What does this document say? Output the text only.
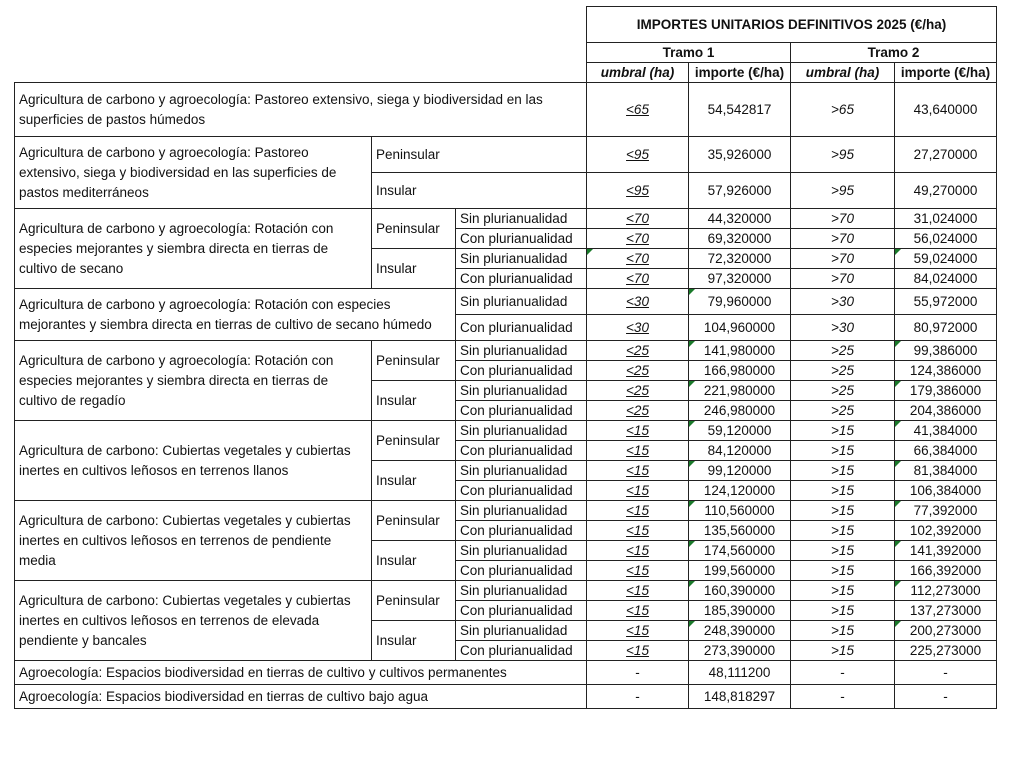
			IMPORTES UNITARIOS DEFINITIVOS 2025 (€/ha)			
			Tramo 1		Tramo 2	
			umbral (ha)	importe (€/ha)	umbral (ha)	importe (€/ha)
Agricultura de carbono y agroecología: Pastoreo extensivo, siega y biodiversidad en las superficies de pastos húmedos			<65	54,542817	>65	43,640000
Agricultura de carbono y agroecología: Pastoreo extensivo, siega y biodiversidad en las superficies de pastos mediterráneos	Peninsular		<95	35,926000	>95	27,270000
	Insular		<95	57,926000	>95	49,270000
Agricultura de carbono y agroecología: Rotación con especies mejorantes y siembra directa en tierras de cultivo de secano	Peninsular	Sin plurianualidad	<70	44,320000	>70	31,024000
		Con plurianualidad	<70	69,320000	>70	56,024000
	Insular	Sin plurianualidad	<70	72,320000	>70	59,024000
		Con plurianualidad	<70	97,320000	>70	84,024000
Agricultura de carbono y agroecología: Rotación con especies mejorantes y siembra directa en tierras de cultivo de secano húmedo		Sin plurianualidad	<30	79,960000	>30	55,972000
		Con plurianualidad	<30	104,960000	>30	80,972000
Agricultura de carbono y agroecología: Rotación con especies mejorantes y siembra directa en tierras de cultivo de regadío	Peninsular	Sin plurianualidad	<25	141,980000	>25	99,386000
		Con plurianualidad	<25	166,980000	>25	124,386000
	Insular	Sin plurianualidad	<25	221,980000	>25	179,386000
		Con plurianualidad	<25	246,980000	>25	204,386000
Agricultura de carbono: Cubiertas vegetales y cubiertas inertes en cultivos leñosos en terrenos llanos	Peninsular	Sin plurianualidad	<15	59,120000	>15	41,384000
		Con plurianualidad	<15	84,120000	>15	66,384000
	Insular	Sin plurianualidad	<15	99,120000	>15	81,384000
		Con plurianualidad	<15	124,120000	>15	106,384000
Agricultura de carbono: Cubiertas vegetales y cubiertas inertes en cultivos leñosos en terrenos de pendiente media	Peninsular	Sin plurianualidad	<15	110,560000	>15	77,392000
		Con plurianualidad	<15	135,560000	>15	102,392000
	Insular	Sin plurianualidad	<15	174,560000	>15	141,392000
		Con plurianualidad	<15	199,560000	>15	166,392000
Agricultura de carbono: Cubiertas vegetales y cubiertas inertes en cultivos leñosos en terrenos de elevada pendiente y bancales	Peninsular	Sin plurianualidad	<15	160,390000	>15	112,273000
		Con plurianualidad	<15	185,390000	>15	137,273000
	Insular	Sin plurianualidad	<15	248,390000	>15	200,273000
		Con plurianualidad	<15	273,390000	>15	225,273000
Agroecología: Espacios biodiversidad en tierras de cultivo y cultivos permanentes			-	48,111200	-	-
Agroecología: Espacios biodiversidad en tierras de cultivo bajo agua			-	148,818297	-	-
